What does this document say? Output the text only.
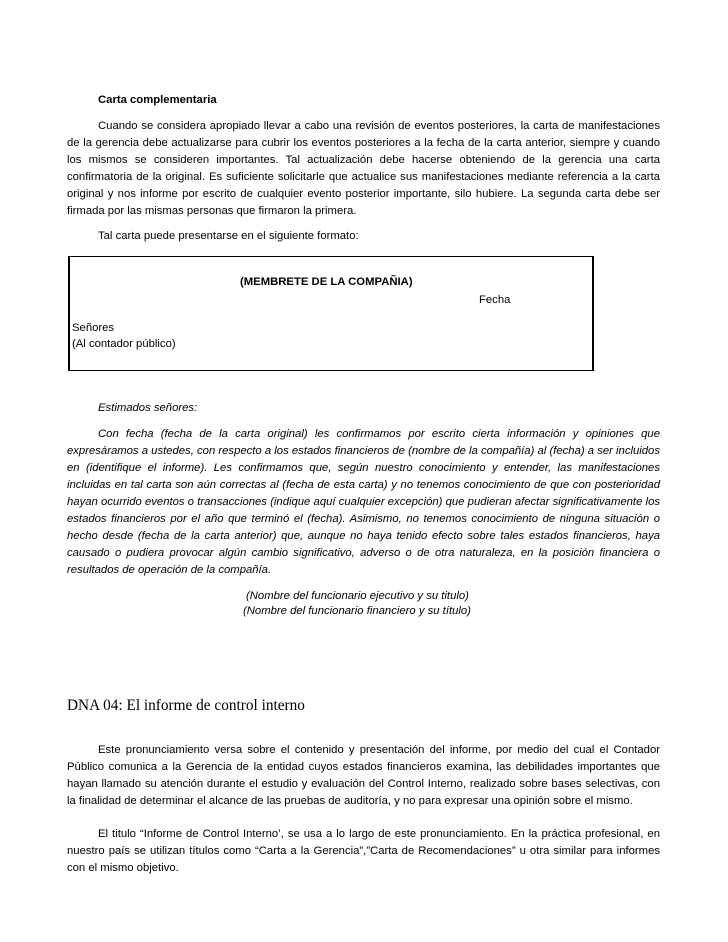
Carta complementaria
Cuando se considera apropiado llevar a cabo una revisión de eventos posteriores, la carta de manifestaciones de la gerencia debe actualizarse para cubrir los eventos posteriores a la fecha de la carta anterior, siempre y cuando los mismos se consideren importantes. Tal actualización debe hacerse obteniendo de la gerencia una carta confirmatoria de la original. Es suficiente solicitarle que actualice sus manifestaciones mediante referencia a la carta original y nos informe por escrito de cualquier evento posterior importante, silo hubiere. La segunda carta debe ser firmada por las mismas personas que firmaron la primera.
Tal carta puede presentarse en el siguiente formato:
(MEMBRETE DE LA COMPAÑIA)
Fecha
Señores
(Al contador público)
Estimados señores:
Con fecha (fecha de la carta original) les confirmamos por escrito cierta información y opiniones que expresáramos a ustedes, con respecto a los estados financieros de (nombre de la compañía) al (fecha) a ser incluidos en (identifique el informe). Les confirmamos que, según nuestro conocimiento y entender, las manifestaciones incluidas en tal carta son aún correctas al (fecha de esta carta) y no tenemos conocimiento de que con posterioridad hayan ocurrido eventos o transacciones (indique aquí cualquier excepción) que pudieran afectar significativamente los estados financieros por el año que terminó el (fecha). Asimismo, no tenemos conocimiento de ninguna situación o hecho desde (fecha de la carta anterior) que, aunque no haya tenido efecto sobre tales estados financieros, haya causado o pudiera provocar algún cambio significativo, adverso o de otra naturaleza, en la posición financiera o resultados de operación de la compañía.
(Nombre del funcionario ejecutivo y su titulo)
(Nombre del funcionario financiero y su título)
DNA 04: El informe de control interno
Este pronunciamiento versa sobre el contenido y presentación del informe, por medio del cual el Contador Público comunica a la Gerencia de la entidad cuyos estados financieros examina, las debilidades importantes que hayan llamado su atención durante el estudio y evaluación del Control Interno, realizado sobre bases selectivas, con la finalidad de determinar el alcance de las pruebas de auditoría, y no para expresar una opinión sobre el mismo.
El titulo “Informe de Control Interno’, se usa a lo largo de este pronunciamiento. En la práctica profesional, en nuestro país se utilizan títulos como “Carta a la Gerencia”,”Carta de Recomendaciones” u otra similar para informes con el mismo objetivo.
